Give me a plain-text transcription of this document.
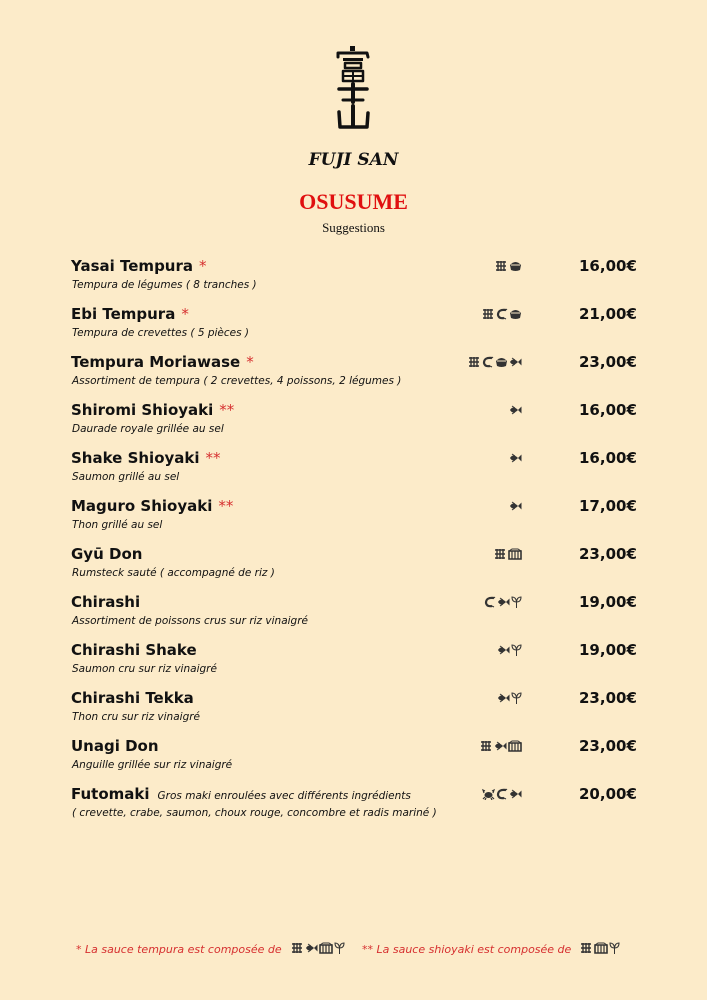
FUJI SAN
OSUSUME
Suggestions
Yasai Tempura *
Tempura de légumes ( 8 tranches )
16,00€
Ebi Tempura *
Tempura de crevettes ( 5 pièces )
21,00€
Tempura Moriawase *
Assortiment de tempura ( 2 crevettes, 4 poissons, 2 légumes )
23,00€
Shiromi Shioyaki **
Daurade royale grillée au sel
16,00€
Shake Shioyaki **
Saumon grillé au sel
16,00€
Maguro Shioyaki **
Thon grillé au sel
17,00€
Gyū Don
Rumsteck sauté ( accompagné de riz )
23,00€
Chirashi
Assortiment de poissons crus sur riz vinaigré
19,00€
Chirashi Shake
Saumon cru sur riz vinaigré
19,00€
Chirashi Tekka
Thon cru sur riz vinaigré
23,00€
Unagi Don
Anguille grillée sur riz vinaigré
23,00€
Futomaki Gros maki enroulées avec différents ingrédients
( crevette, crabe, saumon, choux rouge, concombre et radis mariné )
20,00€
* La sauce tempura est composée de	** La sauce shioyaki est composée de
